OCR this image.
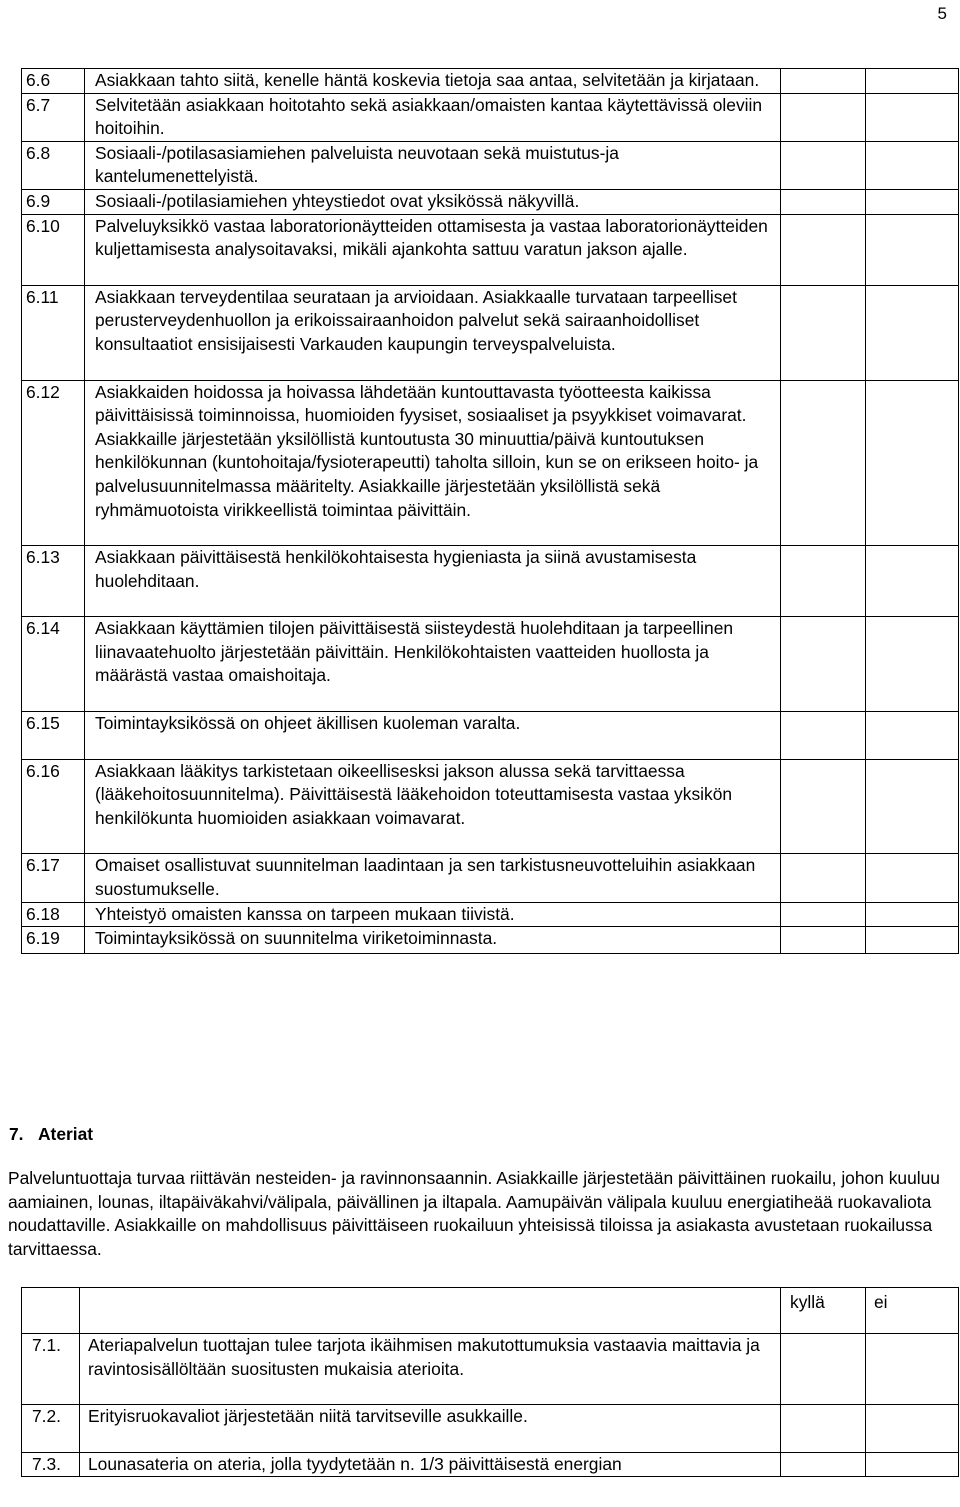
5
6.6	Asiakkaan tahto siitä, kenelle häntä koskevia tietoja saa antaa, selvitetään ja kirjataan.		
6.7	Selvitetään asiakkaan hoitotahto sekä asiakkaan/omaisten kantaa käytettävissä oleviin hoitoihin.		
6.8	Sosiaali-/potilasasiamiehen palveluista neuvotaan sekä muistutus-ja kantelumenettelyistä.		
6.9	Sosiaali-/potilasiamiehen yhteystiedot ovat yksikössä näkyvillä.		
6.10	Palveluyksikkö vastaa laboratorionäytteiden ottamisesta ja vastaa laboratorionäytteiden kuljettamisesta analysoitavaksi, mikäli ajankohta sattuu varatun jakson ajalle.		
6.11	Asiakkaan terveydentilaa seurataan ja arvioidaan. Asiakkaalle turvataan tarpeelliset perusterveydenhuollon ja erikoissairaanhoidon palvelut sekä sairaanhoidolliset konsultaatiot ensisijaisesti Varkauden kaupungin terveyspalveluista.		
6.12	Asiakkaiden hoidossa ja hoivassa lähdetään kuntouttavasta työotteesta kaikissa päivittäisissä toiminnoissa, huomioiden fyysiset, sosiaaliset ja psyykkiset voimavarat. Asiakkaille järjestetään yksilöllistä kuntoutusta 30 minuuttia/päivä kuntoutuksen henkilökunnan (kuntohoitaja/fysioterapeutti) taholta silloin, kun se on erikseen hoito- ja palvelusuunnitelmassa määritelty. Asiakkaille järjestetään yksilöllistä sekä ryhmämuotoista virikkeellistä toimintaa päivittäin.		
6.13	Asiakkaan päivittäisestä henkilökohtaisesta hygieniasta ja siinä avustamisesta huolehditaan.		
6.14	Asiakkaan käyttämien tilojen päivittäisestä siisteydestä huolehditaan ja tarpeellinen liinavaatehuolto järjestetään päivittäin. Henkilökohtaisten vaatteiden huollosta ja määrästä vastaa omaishoitaja.		
6.15	Toimintayksikössä on ohjeet äkillisen kuoleman varalta.		
6.16	Asiakkaan lääkitys tarkistetaan oikeellisesksi jakson alussa sekä tarvittaessa (lääkehoitosuunnitelma). Päivittäisestä lääkehoidon toteuttamisesta vastaa yksikön henkilökunta huomioiden asiakkaan voimavarat.		
6.17	Omaiset osallistuvat suunnitelman laadintaan ja sen tarkistusneuvotteluihin asiakkaan suostumukselle.		
6.18	Yhteistyö omaisten kanssa on tarpeen mukaan tiivistä.		
6.19	Toimintayksikössä on suunnitelma viriketoiminnasta.		
7. Ateriat

Palveluntuottaja turvaa riittävän nesteiden- ja ravinnonsaannin. Asiakkaille järjestetään päivittäinen ruokailu, johon kuuluu aamiainen, lounas, iltapäiväkahvi/välipala, päivällinen ja iltapala. Aamupäivän välipala kuuluu energiatiheää ruokavaliota noudattaville. Asiakkaille on mahdollisuus päivittäiseen ruokailuun yhteisissä tiloissa ja asiakasta avustetaan ruokailussa tarvittaessa.

		kyllä	ei
7.1.	Ateriapalvelun tuottajan tulee tarjota ikäihmisen makutottumuksia vastaavia maittavia ja ravintosisällöltään suositusten mukaisia aterioita.		
7.2.	Erityisruokavaliot järjestetään niitä tarvitseville asukkaille.		
7.3.	Lounasateria on ateria, jolla tyydytetään n. 1/3 päivittäisestä energian		
